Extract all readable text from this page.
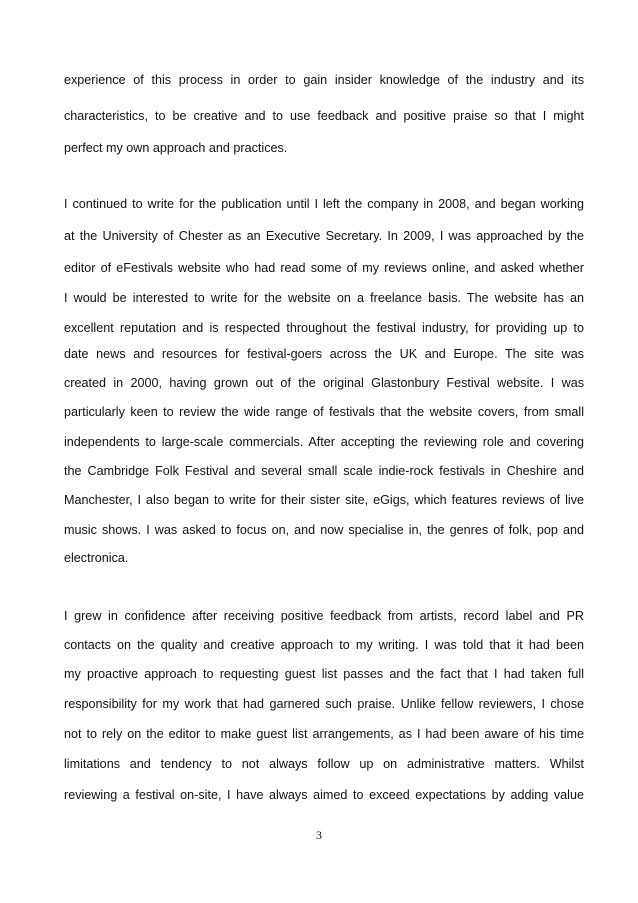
experience of this process in order to gain insider knowledge of the industry and its
characteristics, to be creative and to use feedback and positive praise so that I might
perfect my own approach and practices.
I continued to write for the publication until I left the company in 2008, and began working
at the University of Chester as an Executive Secretary. In 2009, I was approached by the
editor of eFestivals website who had read some of my reviews online, and asked whether
I would be interested to write for the website on a freelance basis. The website has an
excellent reputation and is respected throughout the festival industry, for providing up to
date news and resources for festival-goers across the UK and Europe. The site was
created in 2000, having grown out of the original Glastonbury Festival website. I was
particularly keen to review the wide range of festivals that the website covers, from small
independents to large-scale commercials. After accepting the reviewing role and covering
the Cambridge Folk Festival and several small scale indie-rock festivals in Cheshire and
Manchester, I also began to write for their sister site, eGigs, which features reviews of live
music shows. I was asked to focus on, and now specialise in, the genres of folk, pop and
electronica.
I grew in confidence after receiving positive feedback from artists, record label and PR
contacts on the quality and creative approach to my writing. I was told that it had been
my proactive approach to requesting guest list passes and the fact that I had taken full
responsibility for my work that had garnered such praise. Unlike fellow reviewers, I chose
not to rely on the editor to make guest list arrangements, as I had been aware of his time
limitations and tendency to not always follow up on administrative matters. Whilst
reviewing a festival on-site, I have always aimed to exceed expectations by adding value
3
